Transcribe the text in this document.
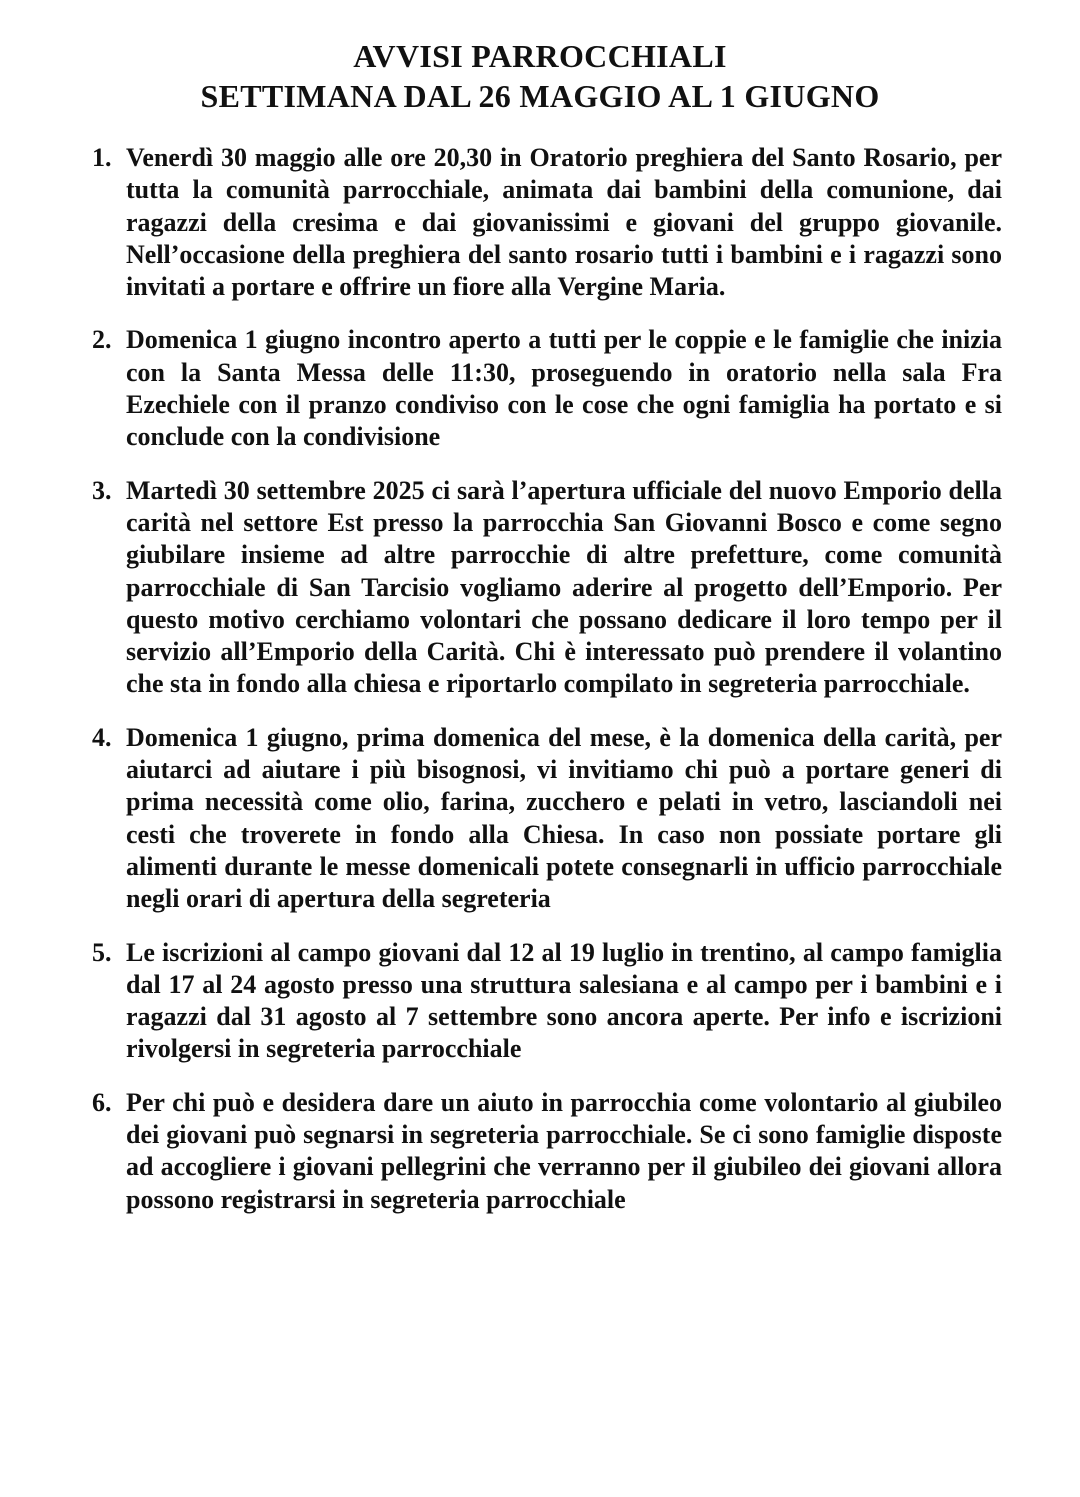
AVVISI PARROCCHIALI
SETTIMANA DAL 26 MAGGIO AL 1 GIUGNO
1. Venerdì 30 maggio alle ore 20,30 in Oratorio preghiera del Santo Rosario, per tutta la comunità parrocchiale, animata dai bambini della comunione, dai ragazzi della cresima e dai giovanissimi e giovani del gruppo giovanile. Nell’occasione della preghiera del santo rosario tutti i bambini e i ragazzi sono invitati a portare e offrire un fiore alla Vergine Maria.

2. Domenica 1 giugno incontro aperto a tutti per le coppie e le famiglie che inizia con la Santa Messa delle 11:30, proseguendo in oratorio nella sala Fra Ezechiele con il pranzo condiviso con le cose che ogni famiglia ha portato e si conclude con la condivisione

3. Martedì 30 settembre 2025 ci sarà l’apertura ufficiale del nuovo Emporio della carità nel settore Est presso la parrocchia San Giovanni Bosco e come segno giubilare insieme ad altre parrocchie di altre prefetture, come comunità parrocchiale di San Tarcisio vogliamo aderire al progetto dell’Emporio. Per questo motivo cerchiamo volontari che possano dedicare il loro tempo per il servizio all’Emporio della Carità. Chi è interessato può prendere il volantino che sta in fondo alla chiesa e riportarlo compilato in segreteria parrocchiale.

4. Domenica 1 giugno, prima domenica del mese, è la domenica della carità, per aiutarci ad aiutare i più bisognosi, vi invitiamo chi può a portare generi di prima necessità come olio, farina, zucchero e pelati in vetro, lasciandoli nei cesti che troverete in fondo alla Chiesa. In caso non possiate portare gli alimenti durante le messe domenicali potete consegnarli in ufficio parrocchiale negli orari di apertura della segreteria

5. Le iscrizioni al campo giovani dal 12 al 19 luglio in trentino, al campo famiglia dal 17 al 24 agosto presso una struttura salesiana e al campo per i bambini e i ragazzi dal 31 agosto al 7 settembre sono ancora aperte. Per info e iscrizioni rivolgersi in segreteria parrocchiale

6. Per chi può e desidera dare un aiuto in parrocchia come volontario al giubileo dei giovani può segnarsi in segreteria parrocchiale. Se ci sono famiglie disposte ad accogliere i giovani pellegrini che verranno per il giubileo dei giovani allora possono registrarsi in segreteria parrocchiale
